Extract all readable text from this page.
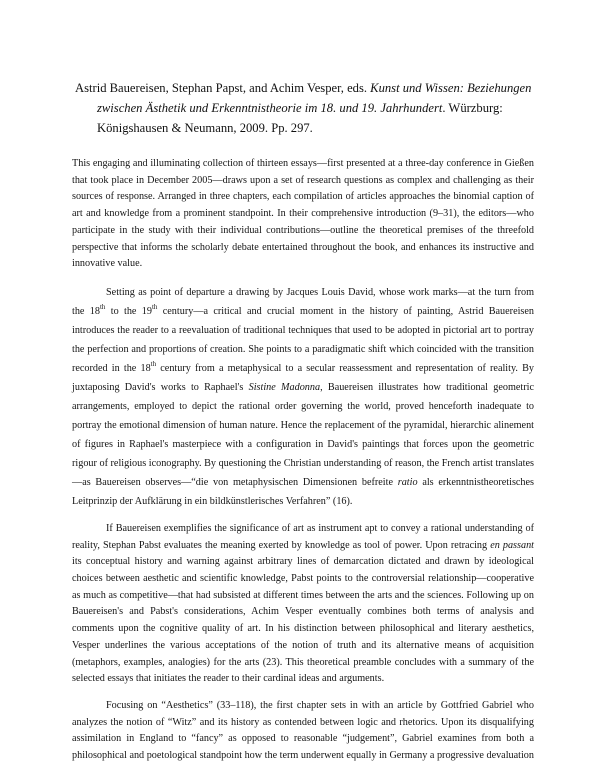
Astrid Bauereisen, Stephan Papst, and Achim Vesper, eds. Kunst und Wissen: Beziehungen
zwischen Ästhetik und Erkenntnistheorie im 18. und 19. Jahrhundert. Würzburg:
Königshausen & Neumann, 2009. Pp. 297.

This engaging and illuminating collection of thirteen essays—first presented at a three-day conference in Gießen that took place in December 2005—draws upon a set of research questions as complex and challenging as their sources of response. Arranged in three chapters, each compilation of articles approaches the binomial caption of art and knowledge from a prominent standpoint. In their comprehensive introduction (9–31), the editors—who participate in the study with their individual contributions—outline the theoretical premises of the threefold perspective that informs the scholarly debate entertained throughout the book, and enhances its instructive and innovative value.

Setting as point of departure a drawing by Jacques Louis David, whose work marks—at the turn from the 18th to the 19th century—a critical and crucial moment in the history of painting, Astrid Bauereisen introduces the reader to a reevaluation of traditional techniques that used to be adopted in pictorial art to portray the perfection and proportions of creation. She points to a paradigmatic shift which coincided with the transition recorded in the 18th century from a metaphysical to a secular reassessment and representation of reality. By juxtaposing David's works to Raphael's Sistine Madonna, Bauereisen illustrates how traditional geometric arrangements, employed to depict the rational order governing the world, proved henceforth inadequate to portray the emotional dimension of human nature. Hence the replacement of the pyramidal, hierarchic alinement of figures in Raphael's masterpiece with a configuration in David's paintings that forces upon the geometric rigour of religious iconography. By questioning the Christian understanding of reason, the French artist translates—as Bauereisen observes—“die von metaphysischen Dimensionen befreite ratio als erkenntnistheoretisches Leitprinzip der Aufklärung in ein bildkünstlerisches Verfahren” (16).

If Bauereisen exemplifies the significance of art as instrument apt to convey a rational understanding of reality, Stephan Pabst evaluates the meaning exerted by knowledge as tool of power. Upon retracing en passant its conceptual history and warning against arbitrary lines of demarcation dictated and drawn by ideological choices between aesthetic and scientific knowledge, Pabst points to the controversial relationship—cooperative as much as competitive—that had subsisted at different times between the arts and the sciences. Following up on Bauereisen's and Pabst's considerations, Achim Vesper eventually combines both terms of analysis and comments upon the cognitive quality of art. In his distinction between philosophical and literary aesthetics, Vesper underlines the various acceptations of the notion of truth and its alternative means of acquisition (metaphors, examples, analogies) for the arts (23). This theoretical preamble concludes with a summary of the selected essays that initiates the reader to their cardinal ideas and arguments.

Focusing on “Aesthetics” (33–118), the first chapter sets in with an article by Gottfried Gabriel who analyzes the notion of “Witz” and its history as contended between logic and rhetorics. Upon its disqualifying assimilation in England to “fancy” as opposed to reasonable “judgement”, Gabriel examines from both a philosophical and poetological standpoint how the term underwent equally in Germany a progressive devaluation
